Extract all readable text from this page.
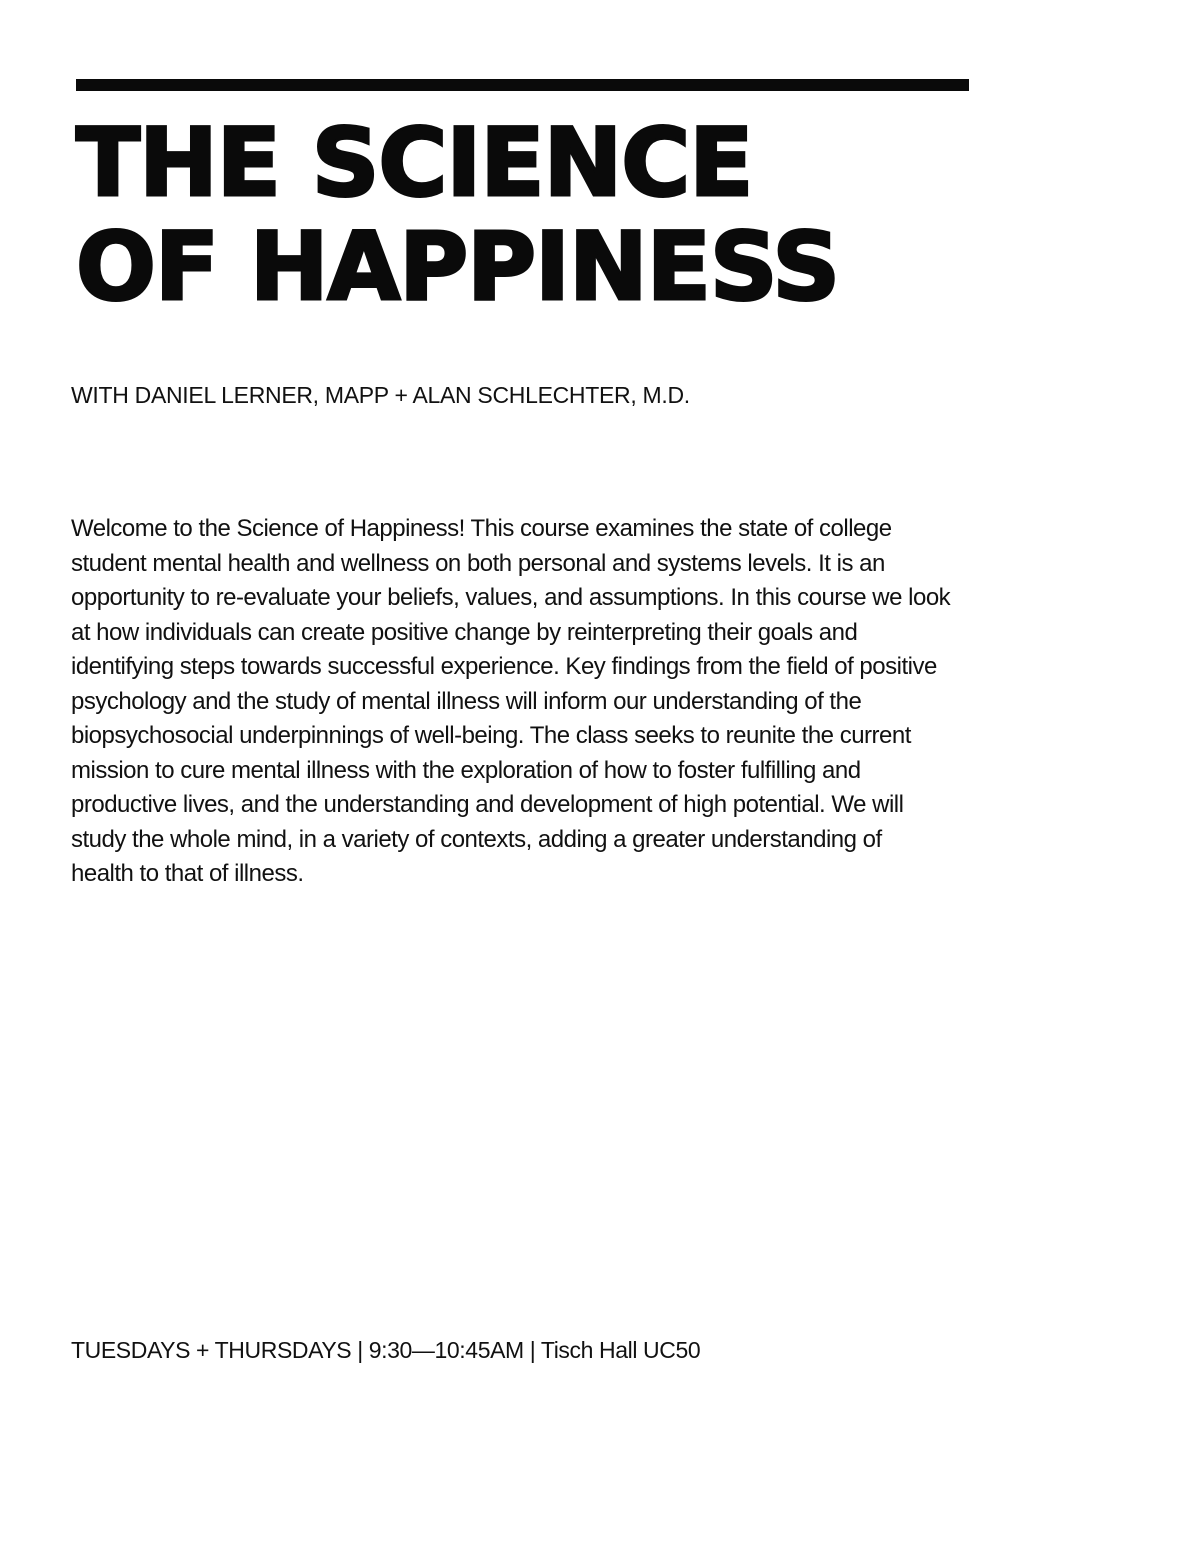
THE SCIENCE
OF HAPPINESS

WITH DANIEL LERNER, MAPP + ALAN SCHLECHTER, M.D.

Welcome to the Science of Happiness! This course examines the state of college
student mental health and wellness on both personal and systems levels. It is an
opportunity to re-evaluate your beliefs, values, and assumptions. In this course we look
at how individuals can create positive change by reinterpreting their goals and
identifying steps towards successful experience. Key findings from the field of positive
psychology and the study of mental illness will inform our understanding of the
biopsychosocial underpinnings of well-being. The class seeks to reunite the current
mission to cure mental illness with the exploration of how to foster fulfilling and
productive lives, and the understanding and development of high potential. We will
study the whole mind, in a variety of contexts, adding a greater understanding of
health to that of illness.

TUESDAYS + THURSDAYS | 9:30—10:45AM | Tisch Hall UC50
